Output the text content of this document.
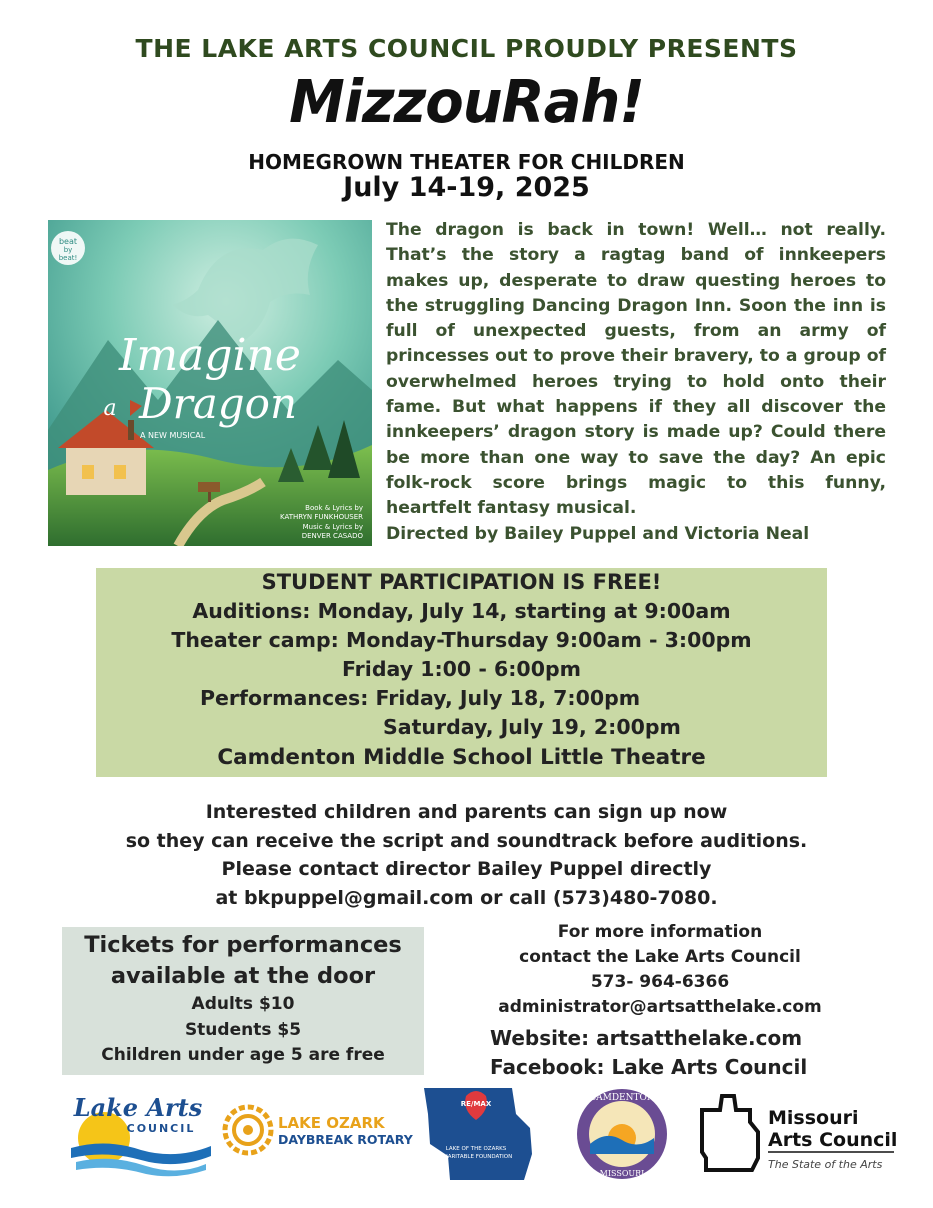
THE LAKE ARTS COUNCIL PROUDLY PRESENTS
MizzouRah!
HOMEGROWN THEATER FOR CHILDREN
July 14-19, 2025
beat
by
beat!
Imagine
a Dragon
A NEW MUSICAL
Book & Lyrics by
KATHRYN FUNKHOUSER
Music & Lyrics by
DENVER CASADO
The dragon is back in town! Well… not really. That’s the story a ragtag band of innkeepers makes up, desperate to draw questing heroes to the struggling Dancing Dragon Inn. Soon the inn is full of unexpected guests, from an army of princesses out to prove their bravery, to a group of overwhelmed heroes trying to hold onto their fame. But what happens if they all discover the innkeepers’ dragon story is made up? Could there be more than one way to save the day? An epic folk-rock score brings magic to this funny, heartfelt fantasy musical.
Directed by Bailey Puppel and Victoria Neal
STUDENT PARTICIPATION IS FREE!
Auditions: Monday, July 14, starting at 9:00am
Theater camp: Monday-Thursday 9:00am - 3:00pm
Friday 1:00 - 6:00pm
Performances: Friday, July 18, 7:00pm
Saturday, July 19, 2:00pm
Camdenton Middle School Little Theatre
Interested children and parents can sign up now
so they can receive the script and soundtrack before auditions.
Please contact director Bailey Puppel directly
at bkpuppel@gmail.com or call (573)480-7080.
Tickets for performances
available at the door
Adults $10
Students $5
Children under age 5 are free
For more information
contact the Lake Arts Council
573- 964-6366
administrator@artsatthelake.com
Website: artsatthelake.com
Facebook: Lake Arts Council
Lake Arts
COUNCIL	LAKE OZARK
DAYBREAK ROTARY
RE/MAX
LAKE OF THE OZARKS
CHARITABLE FOUNDATION
CAMDENTON
MISSOURI
Missouri
Arts Council
The State of the Arts
